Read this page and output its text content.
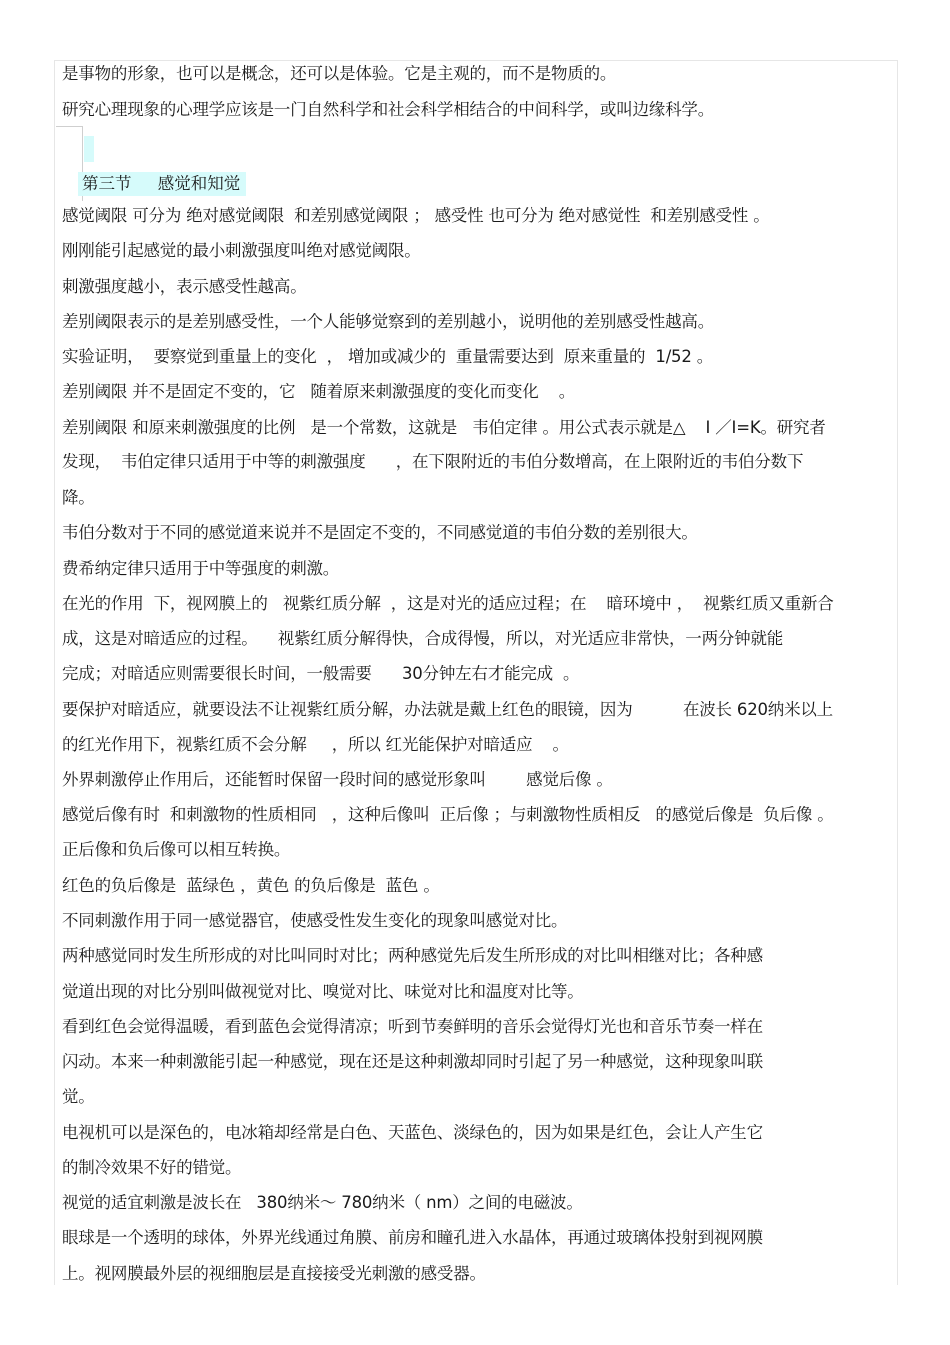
第三节     感觉和知觉
是事物的形象，也可以是概念，还可以是体验。它是主观的，而不是物质的。
研究心理现象的心理学应该是一门自然科学和社会科学相结合的中间科学，或叫边缘科学。
感觉阈限 可分为 绝对感觉阈限  和差别感觉阈限 ； 感受性 也可分为 绝对感觉性  和差别感受性 。
刚刚能引起感觉的最小刺激强度叫绝对感觉阈限。
刺激强度越小，表示感受性越高。
差别阈限表示的是差别感受性，一个人能够觉察到的差别越小，说明他的差别感受性越高。
实验证明，  要察觉到重量上的变化  ， 增加或减少的  重量需要达到  原来重量的  1/52 。
差别阈限 并不是固定不变的，它   随着原来刺激强度的变化而变化    。
差别阈限 和原来刺激强度的比例   是一个常数，这就是   韦伯定律 。用公式表示就是△    I ／I=K。研究者
发现，  韦伯定律只适用于中等的刺激强度      ，在下限附近的韦伯分数增高，在上限附近的韦伯分数下
降。
韦伯分数对于不同的感觉道来说并不是固定不变的，不同感觉道的韦伯分数的差别很大。
费希纳定律只适用于中等强度的刺激。
在光的作用  下，视网膜上的   视紫红质分解  ，这是对光的适应过程；在    暗环境中 ，  视紫红质又重新合
成，这是对暗适应的过程。    视紫红质分解得快，合成得慢，所以，对光适应非常快，一两分钟就能
完成；对暗适应则需要很长时间，一般需要      30分钟左右才能完成  。
要保护对暗适应，就要设法不让视紫红质分解，办法就是戴上红色的眼镜，因为          在波长 620纳米以上
的红光作用下，视紫红质不会分解     ，所以 红光能保护对暗适应    。
外界刺激停止作用后，还能暂时保留一段时间的感觉形象叫        感觉后像 。
感觉后像有时  和刺激物的性质相同   ，这种后像叫  正后像 ；与刺激物性质相反   的感觉后像是  负后像 。
正后像和负后像可以相互转换。
红色的负后像是  蓝绿色 ，黄色 的负后像是  蓝色 。
不同刺激作用于同一感觉器官，使感受性发生变化的现象叫感觉对比。
两种感觉同时发生所形成的对比叫同时对比；两种感觉先后发生所形成的对比叫相继对比；各种感
觉道出现的对比分别叫做视觉对比、嗅觉对比、味觉对比和温度对比等。
看到红色会觉得温暖，看到蓝色会觉得清凉；听到节奏鲜明的音乐会觉得灯光也和音乐节奏一样在
闪动。本来一种刺激能引起一种感觉，现在还是这种刺激却同时引起了另一种感觉，这种现象叫联
觉。
电视机可以是深色的，电冰箱却经常是白色、天蓝色、淡绿色的，因为如果是红色，会让人产生它
的制冷效果不好的错觉。
视觉的适宜刺激是波长在   380纳米～ 780纳米（ nm）之间的电磁波。
眼球是一个透明的球体，外界光线通过角膜、前房和瞳孔进入水晶体，再通过玻璃体投射到视网膜
上。视网膜最外层的视细胞层是直接接受光刺激的感受器。
